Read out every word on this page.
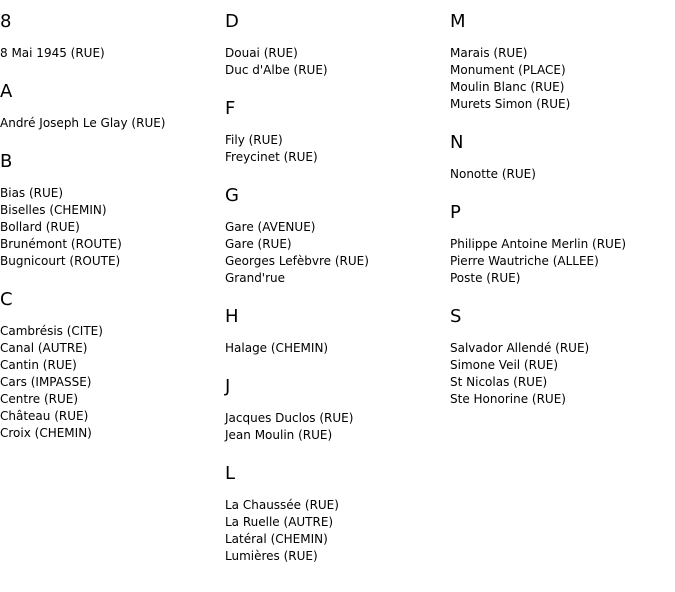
8
8 Mai 1945 (RUE)
A
André Joseph Le Glay (RUE)
B
Bias (RUE)
Biselles (CHEMIN)
Bollard (RUE)
Brunémont (ROUTE)
Bugnicourt (ROUTE)
C
Cambrésis (CITE)
Canal (AUTRE)
Cantin (RUE)
Cars (IMPASSE)
Centre (RUE)
Château (RUE)
Croix (CHEMIN)
D
Douai (RUE)
Duc d'Albe (RUE)
F
Fily (RUE)
Freycinet (RUE)
G
Gare (AVENUE)
Gare (RUE)
Georges Lefèbvre (RUE)
Grand'rue
H
Halage (CHEMIN)
J
Jacques Duclos (RUE)
Jean Moulin (RUE)
L
La Chaussée (RUE)
La Ruelle (AUTRE)
Latéral (CHEMIN)
Lumières (RUE)
M
Marais (RUE)
Monument (PLACE)
Moulin Blanc (RUE)
Murets Simon (RUE)
N
Nonotte (RUE)
P
Philippe Antoine Merlin (RUE)
Pierre Wautriche (ALLEE)
Poste (RUE)
S
Salvador Allendé (RUE)
Simone Veil (RUE)
St Nicolas (RUE)
Ste Honorine (RUE)
